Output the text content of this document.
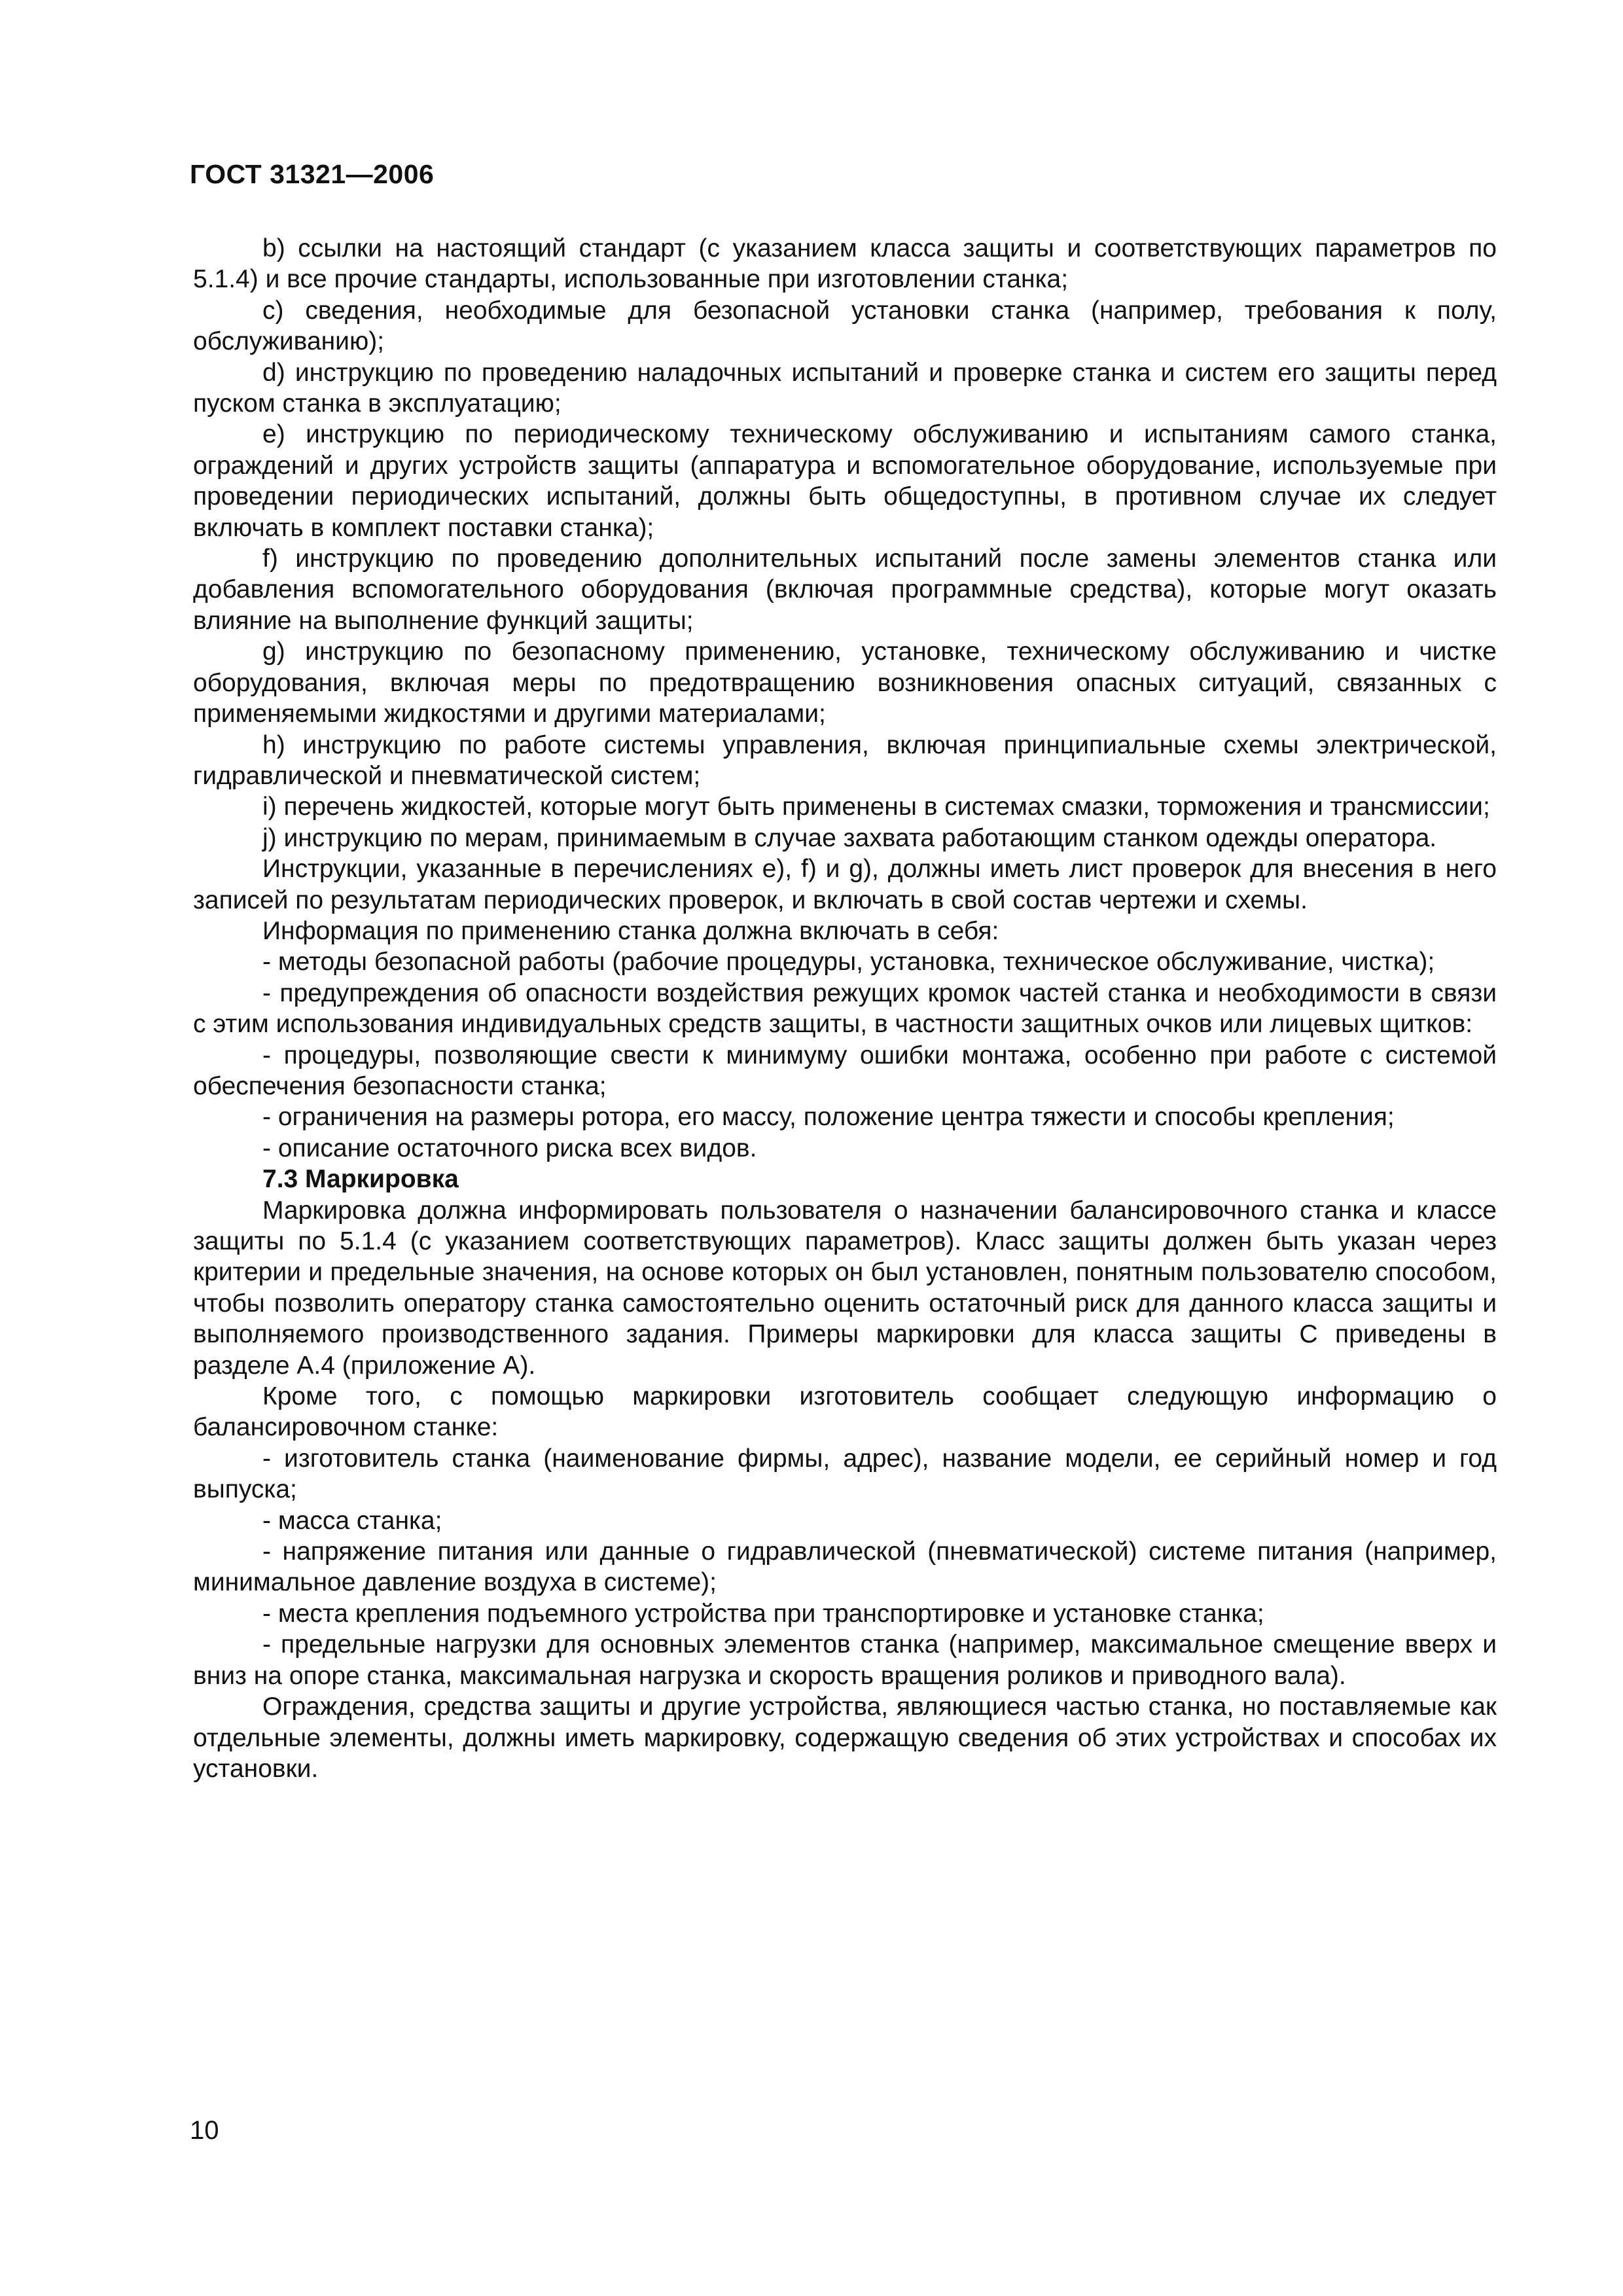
ГОСТ 31321—2006

b) ссылки на настоящий стандарт (с указанием класса защиты и соответствующих параметров по 5.1.4) и все прочие стандарты, использованные при изготовлении станка;

c) сведения, необходимые для безопасной установки станка (например, требования к полу, обслуживанию);

d) инструкцию по проведению наладочных испытаний и проверке станка и систем его защиты перед пуском станка в эксплуатацию;

e) инструкцию по периодическому техническому обслуживанию и испытаниям самого станка, ограждений и других устройств защиты (аппаратура и вспомогательное оборудование, используемые при проведении периодических испытаний, должны быть общедоступны, в противном случае их следует включать в комплект поставки станка);

f) инструкцию по проведению дополнительных испытаний после замены элементов станка или добавления вспомогательного оборудования (включая программные средства), которые могут оказать влияние на выполнение функций защиты;

g) инструкцию по безопасному применению, установке, техническому обслуживанию и чистке оборудования, включая меры по предотвращению возникновения опасных ситуаций, связанных с применяемыми жидкостями и другими материалами;

h) инструкцию по работе системы управления, включая принципиальные схемы электрической, гидравлической и пневматической систем;

i) перечень жидкостей, которые могут быть применены в системах смазки, торможения и трансмиссии;

j) инструкцию по мерам, принимаемым в случае захвата работающим станком одежды оператора.

Инструкции, указанные в перечислениях е), f) и g), должны иметь лист проверок для внесения в него записей по результатам периодических проверок, и включать в свой состав чертежи и схемы.

Информация по применению станка должна включать в себя:

- методы безопасной работы (рабочие процедуры, установка, техническое обслуживание, чистка);

- предупреждения об опасности воздействия режущих кромок частей станка и необходимости в связи с этим использования индивидуальных средств защиты, в частности защитных очков или лицевых щитков:

- процедуры, позволяющие свести к минимуму ошибки монтажа, особенно при работе с системой обеспечения безопасности станка;

- ограничения на размеры ротора, его массу, положение центра тяжести и способы крепления;

- описание остаточного риска всех видов.

7.3 Маркировка

Маркировка должна информировать пользователя о назначении балансировочного станка и классе защиты по 5.1.4 (с указанием соответствующих параметров). Класс защиты должен быть указан через критерии и предельные значения, на основе которых он был установлен, понятным пользователю способом, чтобы позволить оператору станка самостоятельно оценить остаточный риск для данного класса защиты и выполняемого производственного задания. Примеры маркировки для класса защиты С приведены в разделе А.4 (приложение А).

Кроме того, с помощью маркировки изготовитель сообщает следующую информацию о балансировочном станке:

- изготовитель станка (наименование фирмы, адрес), название модели, ее серийный номер и год выпуска;

- масса станка;

- напряжение питания или данные о гидравлической (пневматической) системе питания (например, минимальное давление воздуха в системе);

- места крепления подъемного устройства при транспортировке и установке станка;

- предельные нагрузки для основных элементов станка (например, максимальное смещение вверх и вниз на опоре станка, максимальная нагрузка и скорость вращения роликов и приводного вала).

Ограждения, средства защиты и другие устройства, являющиеся частью станка, но поставляемые как отдельные элементы, должны иметь маркировку, содержащую сведения об этих устройствах и способах их установки.

10
